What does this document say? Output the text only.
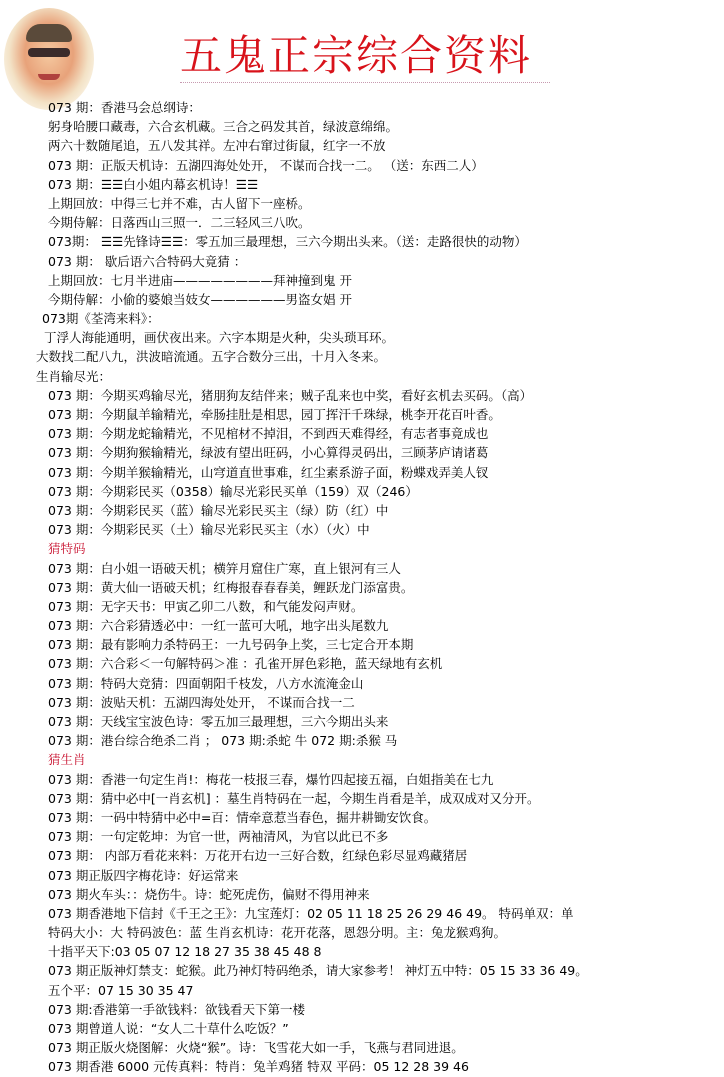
五鬼正宗综合资料
073 期：香港马会总纲诗：
躬身哈腰口藏毒，六合玄机藏。三合之码发其首，绿波意绵绵。
两六十数随尾追，五八发其祥。左冲右窜过街鼠，红字一不放
073 期：正版天机诗：五湖四海处处开， 不谋而合找一二。 （送：东西二人）
073 期：☰☰白小姐内幕玄机诗！☰☰
上期回放：中得三七并不难，古人留下一座桥。
今期侍解：日落西山三照一．二三轻风三八吹。
073期： ☰☰先锋诗☰☰：零五加三最理想，三六今期出头来。（送：走路很快的动物）
073 期： 歇后语六合特码大竟猜 ：
上期回放：七月半进庙————————拜神撞到鬼 开
今期侍解：小偷的婆娘当妓女——————男盗女娼 开
073期《荃湾来料》：
丁浮人海能通明，画伏夜出来。六字本期是火种，尖头琐耳环。
大数找二配八九，洪波暗流通。五字合数分三出，十月入冬来。
生肖输尽光：
073 期：今期买鸡输尽光，猪朋狗友结伴来；贼子乱来也中奖，看好玄机去买码。（高）
073 期：今期鼠羊输精光，牵肠挂肚是相思，园丁挥汗千珠绿，桃李开花百叶香。
073 期：今期龙蛇输精光，不见棺材不掉泪，不到西天难得经，有志者事竟成也
073 期：今期狗猴输精光，绿波有望出旺码，小心算得灵码出，三顾茅庐请诸葛
073 期：今期羊猴输精光，山穹道直世事难，红尘素系游子面，粉蝶戏弄美人钗
073 期：今期彩民买（0358）输尽光彩民买单（159）双（246）
073 期：今期彩民买（蓝）输尽光彩民买主（绿）防（红）中
073 期：今期彩民买（土）输尽光彩民买主（水）（火）中
猜特码
073 期：白小姐一语破天机；横笄月窟住广寒，直上银河有三人
073 期：黄大仙一语破天机；红梅报春春春美，鲤跃龙门添富贵。
073 期：无字天书：甲寅乙卯二八数，和气能发闷声财。
073 期：六合彩猜透必中：一红一蓝可大吼，地字出头尾数九
073 期：最有影响力杀特码王：一九号码争上奖，三七定合开本期
073 期：六合彩＜一句解特码＞准 ：孔雀开屏色彩艳，蓝天绿地有玄机
073 期：特码大竞猜：四面朝阳千枝发，八方水流淹金山
073 期：波贴天机：五湖四海处处开， 不谋而合找一二
073 期：天线宝宝波色诗：零五加三最理想，三六今期出头来
073 期：港台综合绝杀二肖 ； 073 期:杀蛇 牛 072 期:杀猴 马
猜生肖
073 期：香港一句定生肖!：梅花一枝报三春，爆竹四起接五福，白姐指美在七九
073 期：猜中必中[一肖玄机] ：墓生肖特码在一起，今期生肖看是羊，成双成对又分开。
073 期：一码中特猜中必中=百：情牵意惹当春色，掘井耕锄安饮食。
073 期：一句定乾坤：为官一世，两袖清风，为官以此已不多
073 期： 内部万看花来料：万花开右边一三好合数，红绿色彩尽显鸡藏猪居
073 期正版四字梅花诗：好运常来
073 期火车头：：烧伤牛。诗：蛇死虎伤，偏财不得用神来
073 期香港地下信封《千王之王》：九宝莲灯：02 05 11 18 25 26 29 46 49。 特码单双：单
特码大小：大 特码波色：蓝 生肖玄机诗：花开花落，恩怨分明。主：兔龙猴鸡狗。
十指平天下:03 05 07 12 18 27 35 38 45 48 8
073 期正版神灯禁支：蛇猴。此乃神灯特码绝杀，请大家参考！ 神灯五中特：05 15 33 36 49。
五个平：07 15 30 35 47
073 期:香港第一手欲钱料：欲钱看天下第一楼
073 期曾道人说：“女人二十草什么吃饭？”
073 期正版火烧图解：火烧“猴”。诗：飞雪花大如一手，飞燕与君同进退。
073 期香港 6000 元传真料：特肖：兔羊鸡猪 特双 平码：05 12 28 39 46
